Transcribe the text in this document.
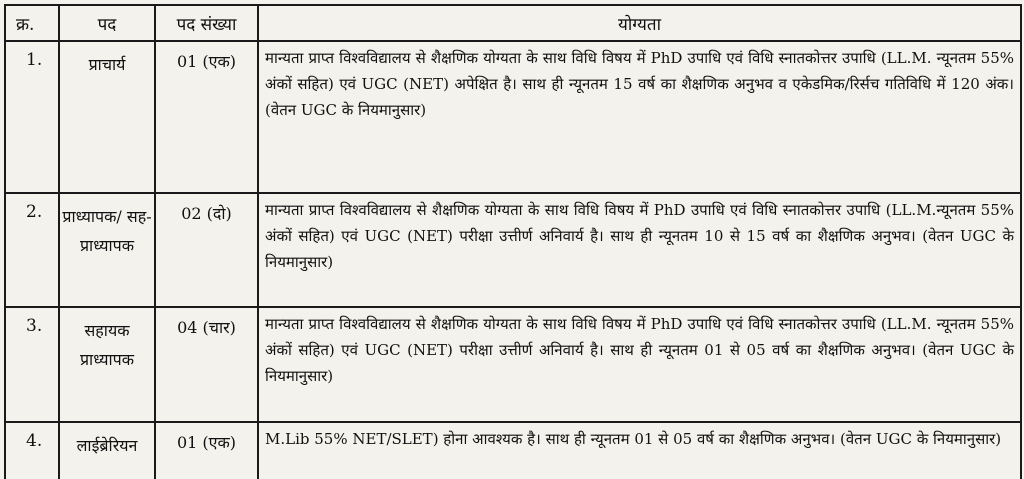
क्र.	पद	पद संख्या	योग्यता
1.	प्राचार्य	01 (एक)	मान्यता प्राप्त विश्वविद्यालय से शैक्षणिक योग्यता के साथ विधि विषय में PhD उपाधि एवं विधि स्नातकोत्तर उपाधि (LL.M. न्यूनतम 55% अंकों सहित) एवं UGC (NET) अपेक्षित है। साथ ही न्यूनतम 15 वर्ष का शैक्षणिक अनुभव व एकेडमिक/रिर्सच गतिविधि में 120 अंक। (वेतन UGC के नियमानुसार)
2.	प्राध्यापक/ सह-प्राध्यापक	02 (दो)	मान्यता प्राप्त विश्वविद्यालय से शैक्षणिक योग्यता के साथ विधि विषय में PhD उपाधि एवं विधि स्नातकोत्तर उपाधि (LL.M.न्यूनतम 55% अंकों सहित) एवं UGC (NET) परीक्षा उत्तीर्ण अनिवार्य है। साथ ही न्यूनतम 10 से 15 वर्ष का शैक्षणिक अनुभव। (वेतन UGC के नियमानुसार)
3.	सहायक प्राध्यापक	04 (चार)	मान्यता प्राप्त विश्वविद्यालय से शैक्षणिक योग्यता के साथ विधि विषय में PhD उपाधि एवं विधि स्नातकोत्तर उपाधि (LL.M. न्यूनतम 55% अंकों सहित) एवं UGC (NET) परीक्षा उत्तीर्ण अनिवार्य है। साथ ही न्यूनतम 01 से 05 वर्ष का शैक्षणिक अनुभव। (वेतन UGC के नियमानुसार)
4.	लाईब्रेरियन	01 (एक)	M.Lib 55% NET/SLET) होना आवश्यक है। साथ ही न्यूनतम 01 से 05 वर्ष का शैक्षणिक अनुभव। (वेतन UGC के नियमानुसार)
